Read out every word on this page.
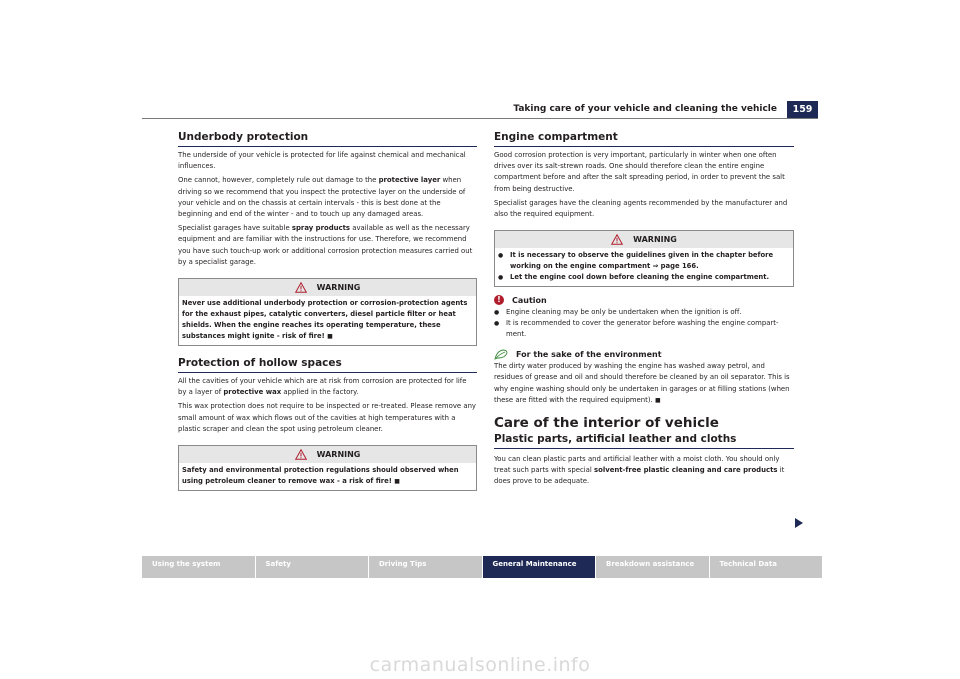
Taking care of your vehicle and cleaning the vehicle	159
Underbody protection

The underside of your vehicle is protected for life against chemical and mechanical influences.

One cannot, however, completely rule out damage to the protective layer when driving so we recommend that you inspect the protective layer on the underside of your vehicle and on the chassis at certain intervals - this is best done at the beginning and end of the winter - and to touch up any damaged areas.

Specialist garages have suitable spray products available as well as the necessary equipment and are familiar with the instructions for use. Therefore, we recommend you have such touch-up work or additional corrosion protection measures carried out by a specialist garage.

WARNING

Never use additional underbody protection or corrosion-protection agents for the exhaust pipes, catalytic converters, diesel particle filter or heat shields. When the engine reaches its operating temperature, these substances might ignite - risk of fire! ■

Protection of hollow spaces

All the cavities of your vehicle which are at risk from corrosion are protected for life by a layer of protective wax applied in the factory.

This wax protection does not require to be inspected or re-treated. Please remove any small amount of wax which flows out of the cavities at high temperatures with a plastic scraper and clean the spot using petroleum cleaner.

WARNING

Safety and environmental protection regulations should observed when using petroleum cleaner to remove wax - a risk of fire! ■

Engine compartment

Good corrosion protection is very important, particularly in winter when one often drives over its salt-strewn roads. One should therefore clean the entire engine compartment before and after the salt spreading period, in order to prevent the salt from being destructive.

Specialist garages have the cleaning agents recommended by the manufacturer and also the required equipment.

WARNING
● It is necessary to observe the guidelines given in the chapter before working on the engine compartment ⇒ page 166.
● Let the engine cool down before cleaning the engine compartment.
!	Caution
● Engine cleaning may be only be undertaken when the ignition is off.
● It is recommended to cover the generator before washing the engine compart-ment.
For the sake of the environment

The dirty water produced by washing the engine has washed away petrol, and residues of grease and oil and should therefore be cleaned by an oil separator. This is why engine washing should only be undertaken in garages or at filling stations (when these are fitted with the required equipment). ■

Care of the interior of vehicle
Plastic parts, artificial leather and cloths

You can clean plastic parts and artificial leather with a moist cloth. You should only treat such parts with special solvent-free plastic cleaning and care products it does prove to be adequate.

Using the system	Safety	Driving Tips	General Maintenance	Breakdown assistance	Technical Data
carmanualsonline.info
